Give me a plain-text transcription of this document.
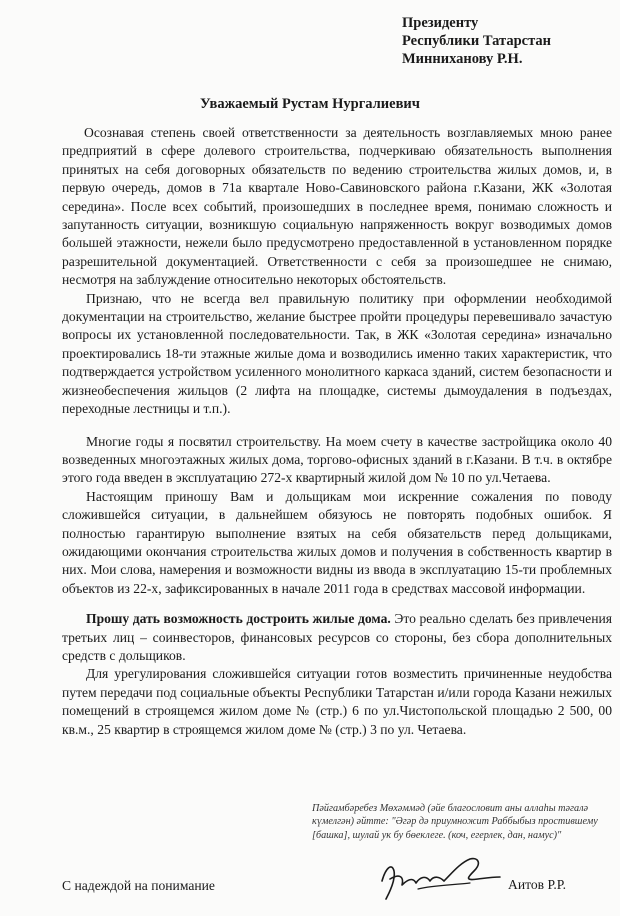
Президенту
Республики Татарстан
Минниханову Р.Н.
Уважаемый Рустам Нургалиевич

Осознавая степень своей ответственности за деятельность возглавляемых мною ранее предприятий в сфере долевого строительства, подчеркиваю обязательность выполнения принятых на себя договорных обязательств по ведению строительства жилых домов, и, в первую очередь, домов в 71а квартале Ново-Савиновского района г.Казани, ЖК «Золотая середина». После всех событий, произошедших в последнее время, понимаю сложность и запутанность ситуации, возникшую социальную напряженность вокруг возводимых домов большей этажности, нежели было предусмотрено предоставленной в установленном порядке разрешительной документацией. Ответственности с себя за произошедшее не снимаю, несмотря на заблуждение относительно некоторых обстоятельств.

Признаю, что не всегда вел правильную политику при оформлении необходимой документации на строительство, желание быстрее пройти процедуры перевешивало зачастую вопросы их установленной последовательности. Так, в ЖК «Золотая середина» изначально проектировались 18-ти этажные жилые дома и возводились именно таких характеристик, что подтверждается устройством усиленного монолитного каркаса зданий, систем безопасности и жизнеобеспечения жильцов (2 лифта на площадке, системы дымоудаления в подъездах, переходные лестницы и т.п.).

Многие годы я посвятил строительству. На моем счету в качестве застройщика около 40 возведенных многоэтажных жилых дома, торгово-офисных зданий в г.Казани. В т.ч. в октябре этого года введен в эксплуатацию 272-х квартирный жилой дом № 10 по ул.Четаева.

Настоящим приношу Вам и дольщикам мои искренние сожаления по поводу сложившейся ситуации, в дальнейшем обязуюсь не повторять подобных ошибок. Я полностью гарантирую выполнение взятых на себя обязательств перед дольщиками, ожидающими окончания строительства жилых домов и получения в собственность квартир в них. Мои слова, намерения и возможности видны из ввода в эксплуатацию 15-ти проблемных объектов из 22-х, зафиксированных в начале 2011 года в средствах массовой информации.

Прошу дать возможность достроить жилые дома. Это реально сделать без привлечения третьих лиц – соинвесторов, финансовых ресурсов со стороны, без сбора дополнительных средств с дольщиков.

Для урегулирования сложившейся ситуации готов возместить причиненные неудобства путем передачи под социальные объекты Республики Татарстан и/или города Казани нежилых помещений в строящемся жилом доме № (стр.) 6 по ул.Чистопольской площадью 2 500, 00 кв.м., 25 квартир в строящемся жилом доме № (стр.) 3 по ул. Четаева.

Пәйгамбәребез Мөхәммәд (әйе благословит аны аллаһы тәгалә күмелгән) әйтте: "Әгәр дә приумножит Раббыбыз простившему [башка], шулай ук бу бөеклеге. (коч, егерлек, дан, намус)"
С надеждой на понимание	Аитов Р.Р.
